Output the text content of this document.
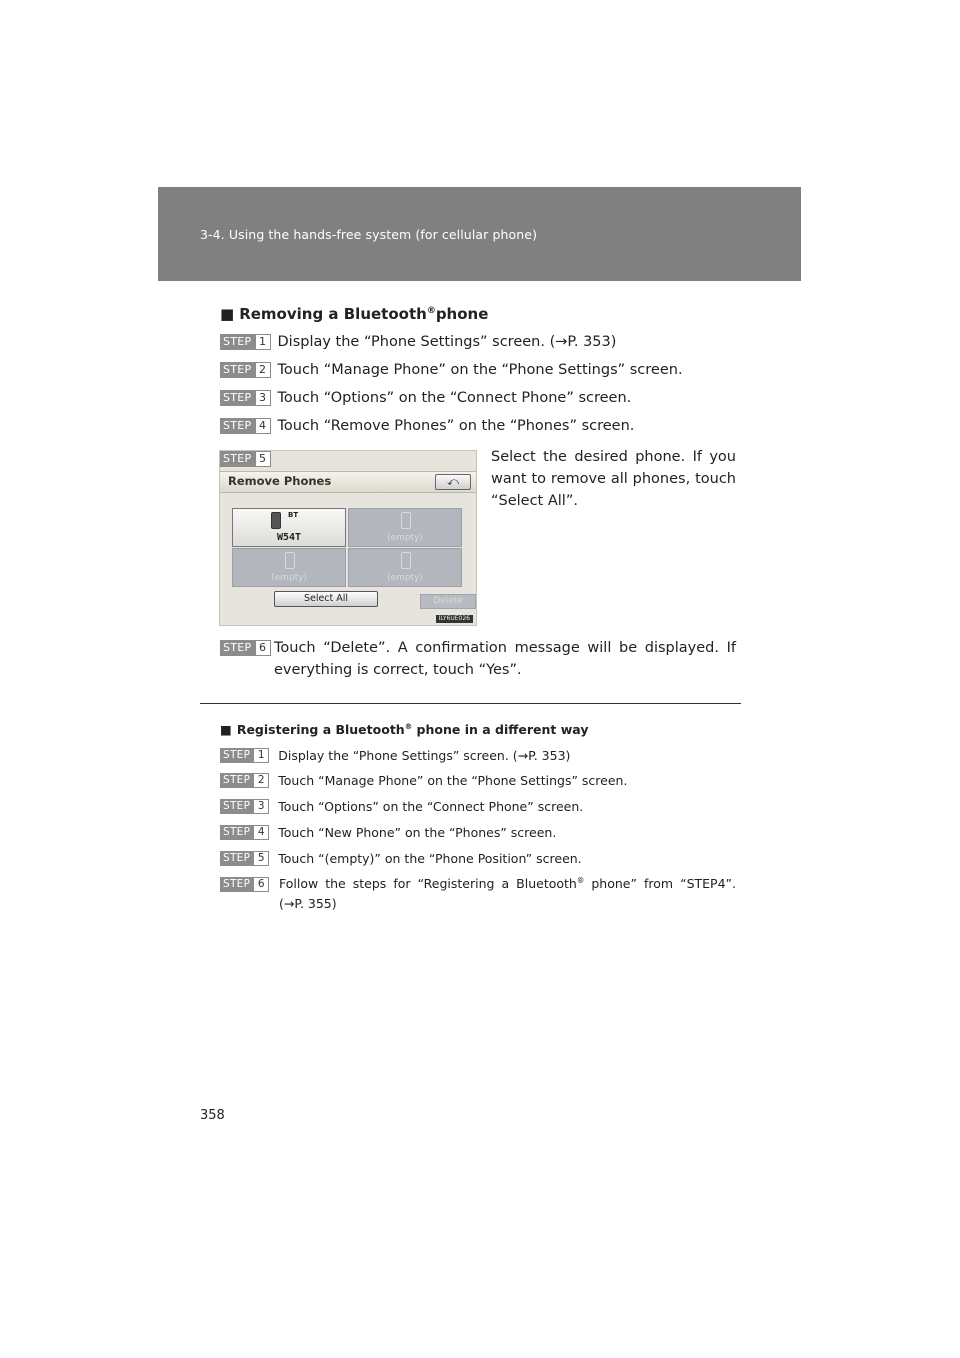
3-4. Using the hands-free system (for cellular phone)
■ Removing a Bluetooth®phone
STEP 1 Display the “Phone Settings” screen. (→P. 353)
STEP 2 Touch “Manage Phone” on the “Phone Settings” screen.
STEP 3 Touch “Options” on the “Connect Phone” screen.
STEP 4 Touch “Remove Phones” on the “Phones” screen.
STEP 5
Remove Phones	⤺
BT
W54T	(empty)
(empty)	(empty)
Select All	Delete
ILY6UE026
Select the desired phone. If you want to remove all phones, touch “Select All”.
STEP 6 Touch “Delete”. A confirmation message will be displayed. If everything is correct, touch “Yes”.
■ Registering a Bluetooth® phone in a different way
STEP 1	Display the “Phone Settings” screen. (→P. 353)
STEP 2	Touch “Manage Phone” on the “Phone Settings” screen.
STEP 3	Touch “Options” on the “Connect Phone” screen.
STEP 4	Touch “New Phone” on the “Phones” screen.
STEP 5	Touch “(empty)” on the “Phone Position” screen.
STEP 6	Follow the steps for “Registering a Bluetooth® phone” from “STEP4”. (→P. 355)
358
